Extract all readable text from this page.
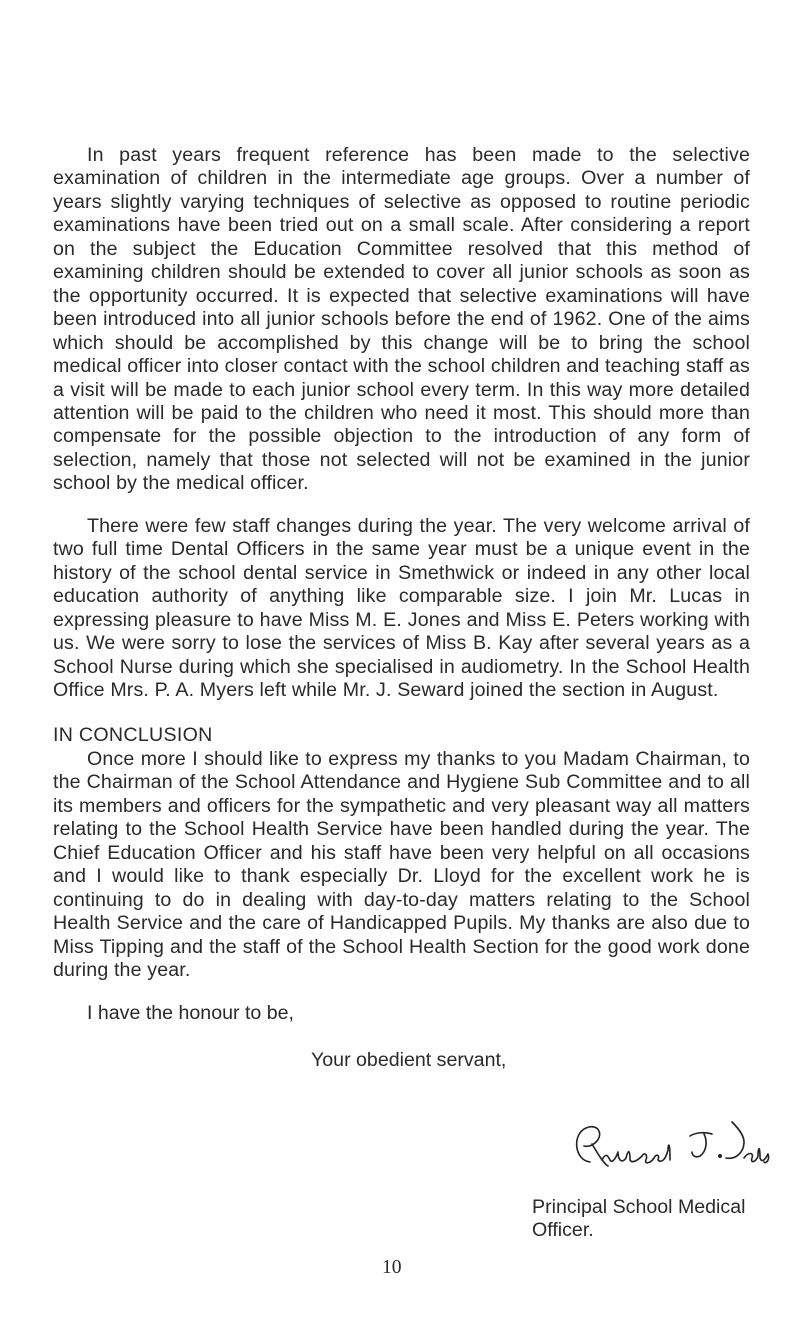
In past years frequent reference has been made to the selective examination of children in the intermediate age groups. Over a number of years slightly varying techniques of selective as opposed to routine periodic examinations have been tried out on a small scale. After considering a report on the subject the Education Committee resolved that this method of examining children should be extended to cover all junior schools as soon as the opportunity occurred. It is expected that selective examinations will have been introduced into all junior schools before the end of 1962. One of the aims which should be accomplished by this change will be to bring the school medical officer into closer contact with the school children and teaching staff as a visit will be made to each junior school every term. In this way more detailed attention will be paid to the children who need it most. This should more than compensate for the possible objection to the introduction of any form of selection, namely that those not selected will not be examined in the junior school by the medical officer.

There were few staff changes during the year. The very welcome arrival of two full time Dental Officers in the same year must be a unique event in the history of the school dental service in Smethwick or indeed in any other local education authority of anything like comparable size. I join Mr. Lucas in expressing pleasure to have Miss M. E. Jones and Miss E. Peters working with us. We were sorry to lose the services of Miss B. Kay after several years as a School Nurse during which she specialised in audiometry. In the School Health Office Mrs. P. A. Myers left while Mr. J. Seward joined the section in August.

IN CONCLUSION

Once more I should like to express my thanks to you Madam Chairman, to the Chairman of the School Attendance and Hygiene Sub Committee and to all its members and officers for the sympathetic and very pleasant way all matters relating to the School Health Service have been handled during the year. The Chief Education Officer and his staff have been very helpful on all occasions and I would like to thank especially Dr. Lloyd for the excellent work he is continuing to do in dealing with day-to-day matters relating to the School Health Service and the care of Handicapped Pupils. My thanks are also due to Miss Tipping and the staff of the School Health Section for the good work done during the year.

I have the honour to be,

Your obedient servant,

Principal School Medical Officer.
10
